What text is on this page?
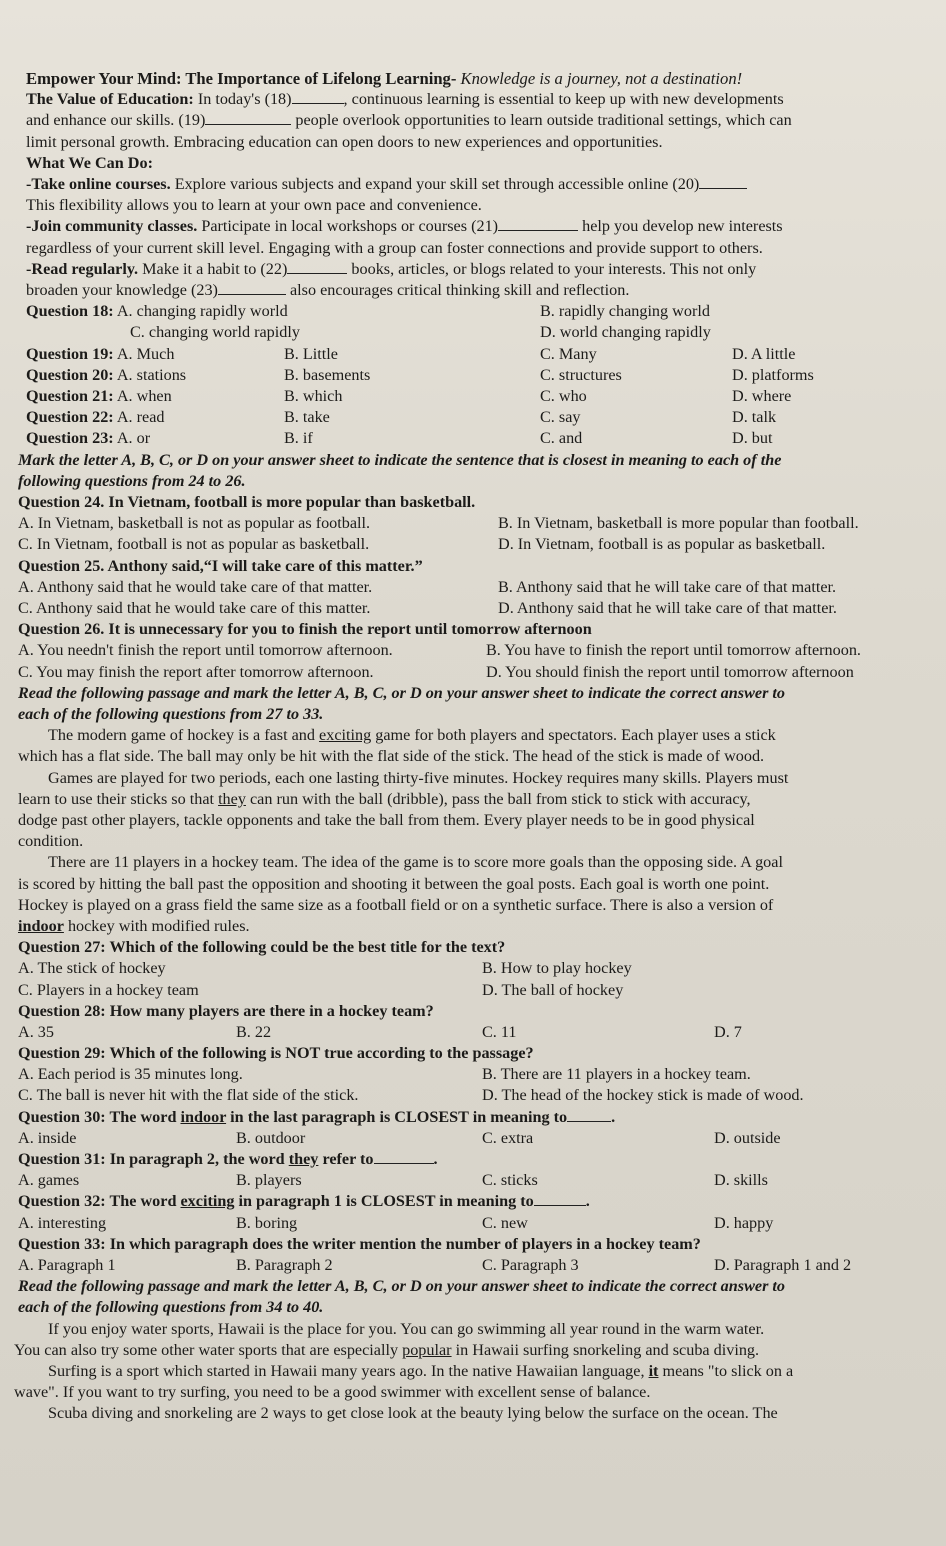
Empower Your Mind: The Importance of Lifelong Learning- Knowledge is a journey, not a destination!
The Value of Education: In today's (18)	, continuous learning is essential to keep up with new developments
and enhance our skills. (19)	people overlook opportunities to learn outside traditional settings, which can
limit personal growth. Embracing education can open doors to new experiences and opportunities.
What We Can Do:
-Take online courses. Explore various subjects and expand your skill set through accessible online (20)
This flexibility allows you to learn at your own pace and convenience.
-Join community classes. Participate in local workshops or courses (21)	help you develop new interests
regardless of your current skill level. Engaging with a group can foster connections and provide support to others.
-Read regularly. Make it a habit to (22)	books, articles, or blogs related to your interests. This not only
broaden your knowledge (23)	also encourages critical thinking skill and reflection.
Question 18: A. changing rapidly world	B. rapidly changing world
C. changing world rapidly	D. world changing rapidly
Question 19: A. Much	B. Little	C. Many	D. A little
Question 20: A. stations	B. basements	C. structures	D. platforms
Question 21: A. when	B. which	C. who	D. where
Question 22: A. read	B. take	C. say	D. talk
Question 23: A. or	B. if	C. and	D. but
Mark the letter A, B, C, or D on your answer sheet to indicate the sentence that is closest in meaning to each of the
following questions from 24 to 26.
Question 24. In Vietnam, football is more popular than basketball.
A. In Vietnam, basketball is not as popular as football.	B. In Vietnam, basketball is more popular than football.
C. In Vietnam, football is not as popular as basketball.	D. In Vietnam, football is as popular as basketball.
Question 25. Anthony said,“I will take care of this matter.”
A. Anthony said that he would take care of that matter.	B. Anthony said that he will take care of that matter.
C. Anthony said that he would take care of this matter.	D. Anthony said that he will take care of that matter.
Question 26. It is unnecessary for you to finish the report until tomorrow afternoon
A. You needn't finish the report until tomorrow afternoon.	B. You have to finish the report until tomorrow afternoon.
C. You may finish the report after tomorrow afternoon.	D. You should finish the report until tomorrow afternoon
Read the following passage and mark the letter A, B, C, or D on your answer sheet to indicate the correct answer to
each of the following questions from 27 to 33.
The modern game of hockey is a fast and exciting game for both players and spectators. Each player uses a stick
which has a flat side. The ball may only be hit with the flat side of the stick. The head of the stick is made of wood.
Games are played for two periods, each one lasting thirty-five minutes. Hockey requires many skills. Players must
learn to use their sticks so that they can run with the ball (dribble), pass the ball from stick to stick with accuracy,
dodge past other players, tackle opponents and take the ball from them. Every player needs to be in good physical
condition.
There are 11 players in a hockey team. The idea of the game is to score more goals than the opposing side. A goal
is scored by hitting the ball past the opposition and shooting it between the goal posts. Each goal is worth one point.
Hockey is played on a grass field the same size as a football field or on a synthetic surface. There is also a version of
indoor hockey with modified rules.
Question 27: Which of the following could be the best title for the text?
A. The stick of hockey	B. How to play hockey
C. Players in a hockey team	D. The ball of hockey
Question 28: How many players are there in a hockey team?
A. 35	B. 22	C. 11	D. 7
Question 29: Which of the following is NOT true according to the passage?
A. Each period is 35 minutes long.	B. There are 11 players in a hockey team.
C. The ball is never hit with the flat side of the stick.	D. The head of the hockey stick is made of wood.
Question 30: The word indoor in the last paragraph is CLOSEST in meaning to	.
A. inside	B. outdoor	C. extra	D. outside
Question 31: In paragraph 2, the word they refer to	.
A. games	B. players	C. sticks	D. skills
Question 32: The word exciting in paragraph 1 is CLOSEST in meaning to	.
A. interesting	B. boring	C. new	D. happy
Question 33: In which paragraph does the writer mention the number of players in a hockey team?
A. Paragraph 1	B. Paragraph 2	C. Paragraph 3	D. Paragraph 1 and 2
Read the following passage and mark the letter A, B, C, or D on your answer sheet to indicate the correct answer to
each of the following questions from 34 to 40.
If you enjoy water sports, Hawaii is the place for you. You can go swimming all year round in the warm water.
You can also try some other water sports that are especially popular in Hawaii surfing snorkeling and scuba diving.
Surfing is a sport which started in Hawaii many years ago. In the native Hawaiian language, it means "to slick on a
wave". If you want to try surfing, you need to be a good swimmer with excellent sense of balance.
Scuba diving and snorkeling are 2 ways to get close look at the beauty lying below the surface on the ocean. The
